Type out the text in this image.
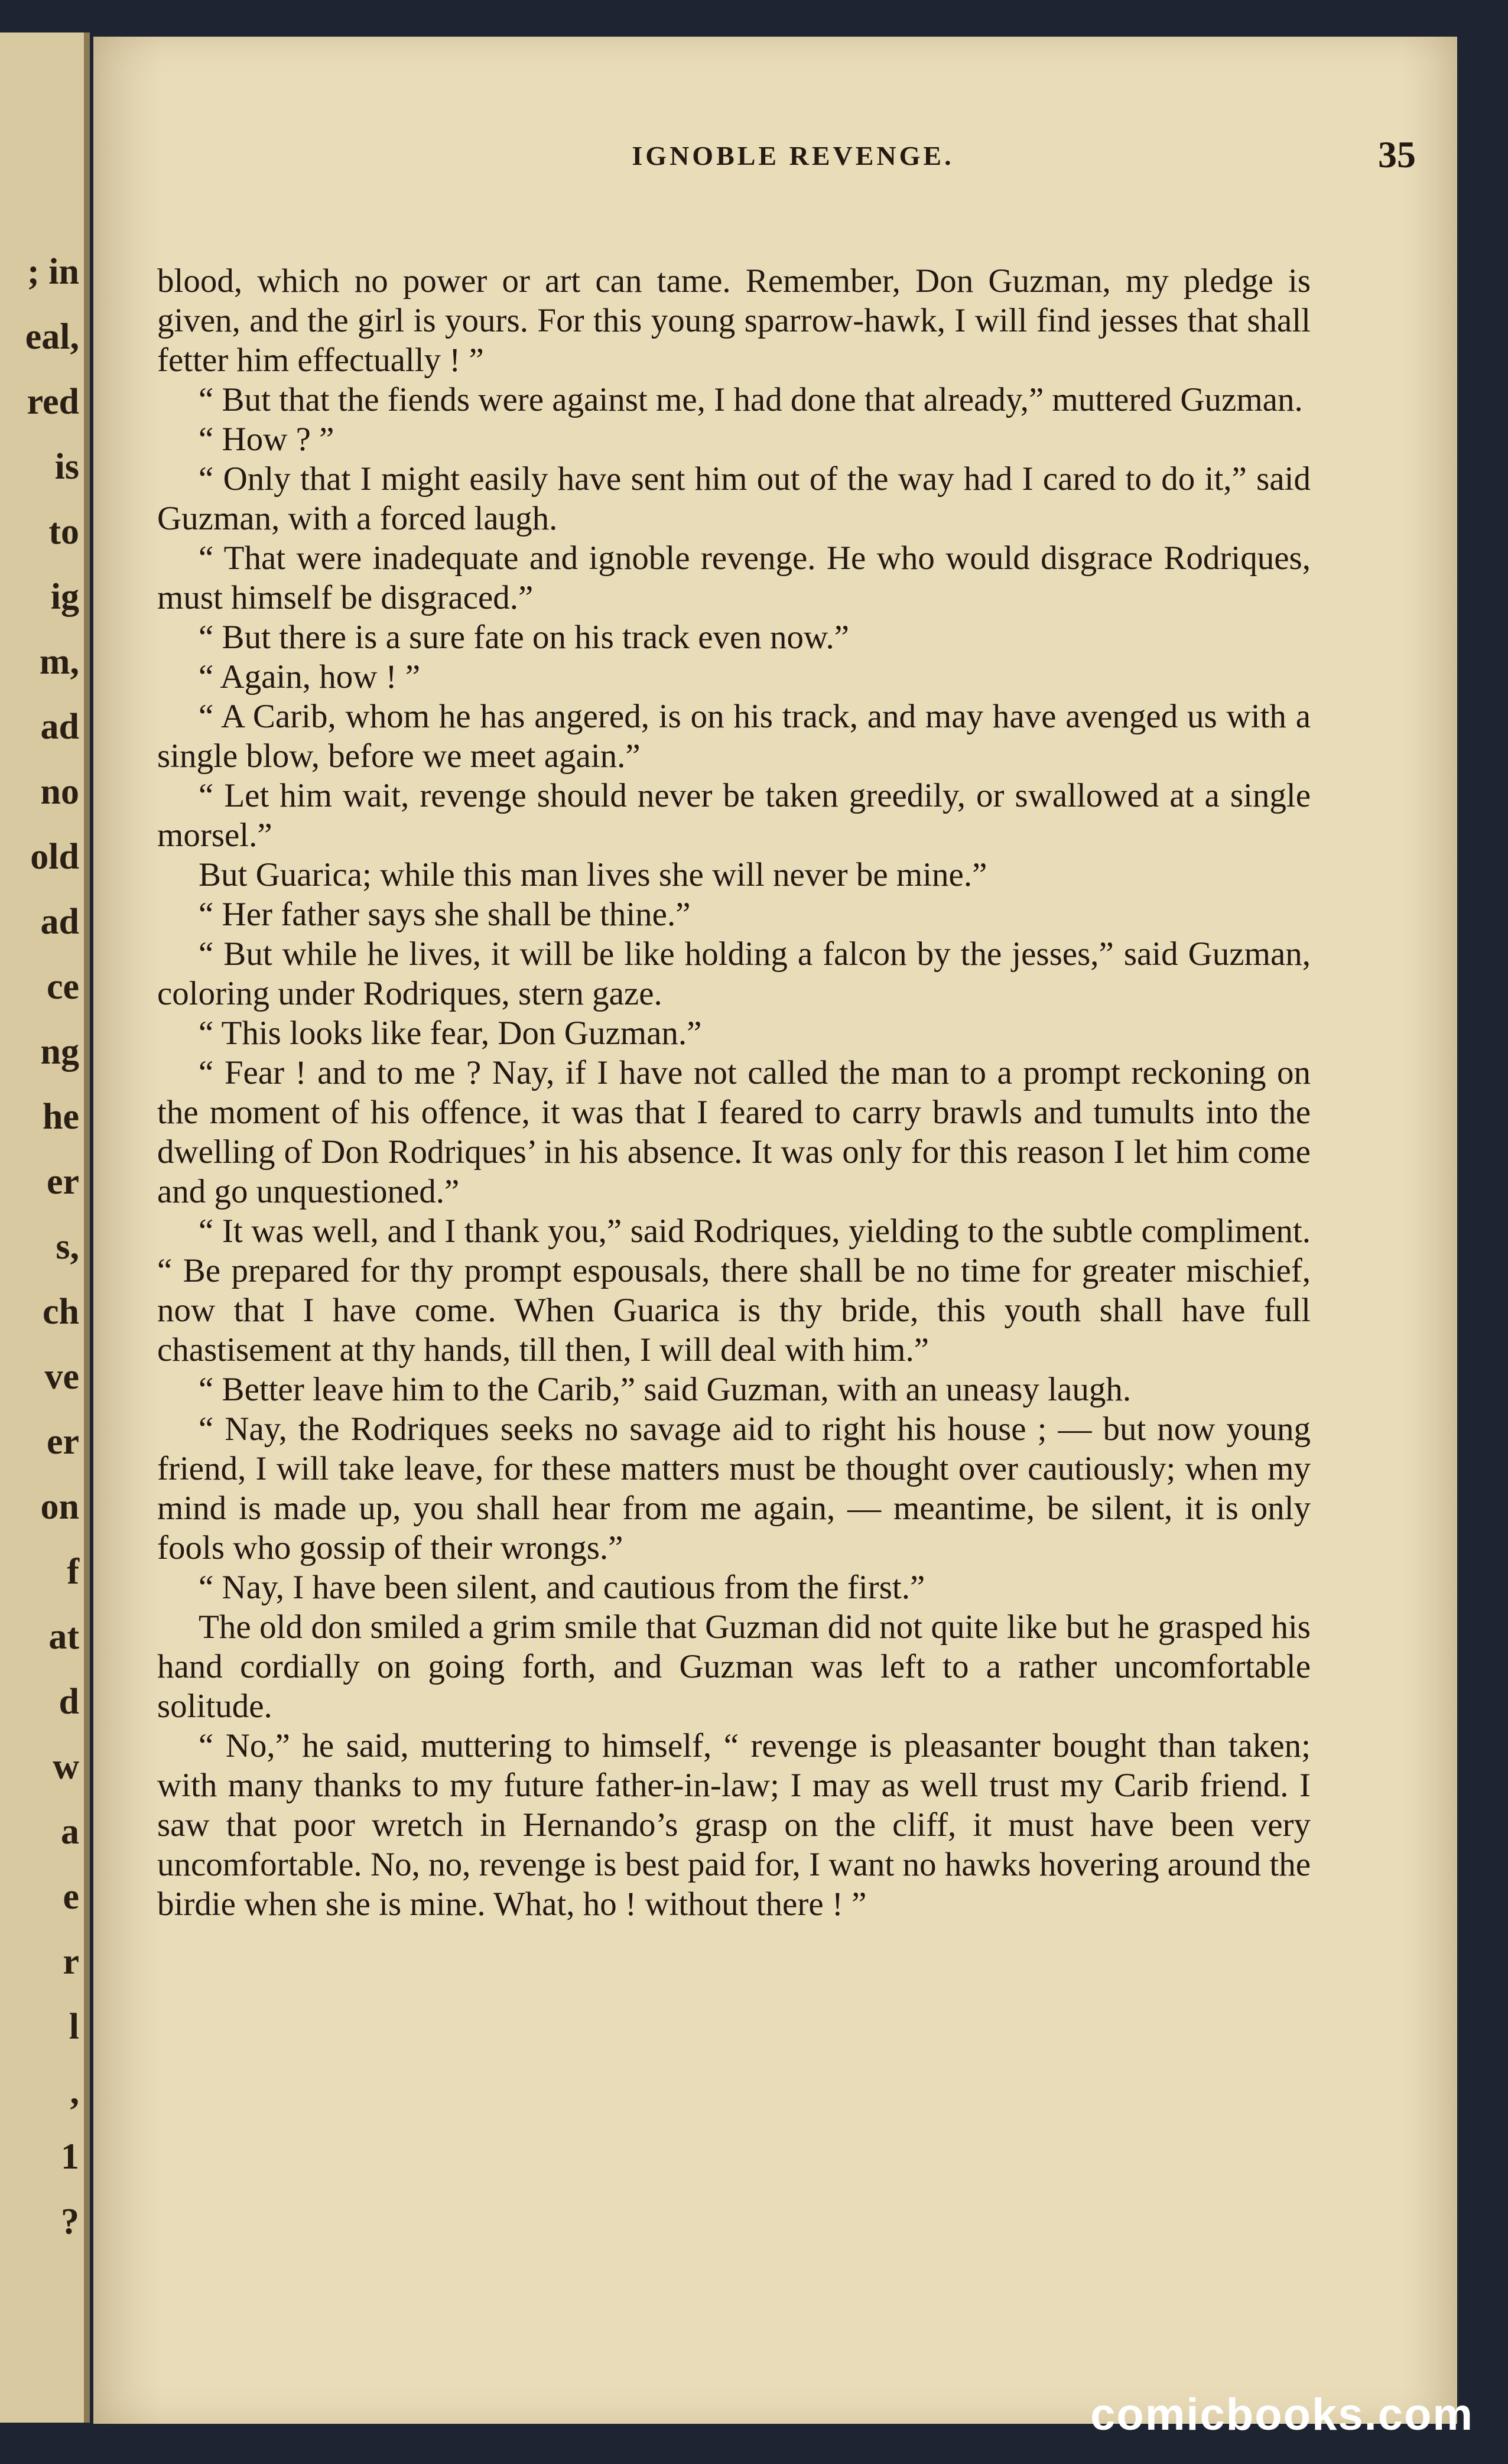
; in
eal,
red
is
to
ig
m,
ad
no
old
ad
ce
ng
he
er
s,
ch
ve
er
on
f
at
d
w
a
e
r
l
,
1
?
IGNOBLE REVENGE.	35

blood, which no power or art can tame. Remember, Don Guzman, my pledge is given, and the girl is yours. For this young sparrow-hawk, I will find jesses that shall fetter him effectually ! ”

“ But that the fiends were against me, I had done that already,” muttered Guzman.

“ How ? ”

“ Only that I might easily have sent him out of the way had I cared to do it,” said Guzman, with a forced laugh.

“ That were inadequate and ignoble revenge. He who would disgrace Rodriques, must himself be disgraced.”

“ But there is a sure fate on his track even now.”

“ Again, how ! ”

“ A Carib, whom he has angered, is on his track, and may have avenged us with a single blow, before we meet again.”

“ Let him wait, revenge should never be taken greedily, or swallowed at a single morsel.”

But Guarica; while this man lives she will never be mine.”

“ Her father says she shall be thine.”

“ But while he lives, it will be like holding a falcon by the jesses,” said Guzman, coloring under Rodriques, stern gaze.

“ This looks like fear, Don Guzman.”

“ Fear ! and to me ? Nay, if I have not called the man to a prompt reckoning on the moment of his offence, it was that I feared to carry brawls and tumults into the dwelling of Don Rodriques’ in his absence. It was only for this reason I let him come and go unquestioned.”

“ It was well, and I thank you,” said Rodriques, yielding to the subtle compliment. “ Be prepared for thy prompt espousals, there shall be no time for greater mischief, now that I have come. When Guarica is thy bride, this youth shall have full chastisement at thy hands, till then, I will deal with him.”

“ Better leave him to the Carib,” said Guzman, with an uneasy laugh.

“ Nay, the Rodriques seeks no savage aid to right his house ; — but now young friend, I will take leave, for these matters must be thought over cautiously; when my mind is made up, you shall hear from me again, — meantime, be silent, it is only fools who gossip of their wrongs.”

“ Nay, I have been silent, and cautious from the first.”

The old don smiled a grim smile that Guzman did not quite like but he grasped his hand cordially on going forth, and Guzman was left to a rather uncomfortable solitude.

“ No,” he said, muttering to himself, “ revenge is pleasanter bought than taken; with many thanks to my future father-in-law; I may as well trust my Carib friend. I saw that poor wretch in Hernando’s grasp on the cliff, it must have been very uncomfortable. No, no, revenge is best paid for, I want no hawks hovering around the birdie when she is mine. What, ho ! without there ! ”

comicbooks.com
